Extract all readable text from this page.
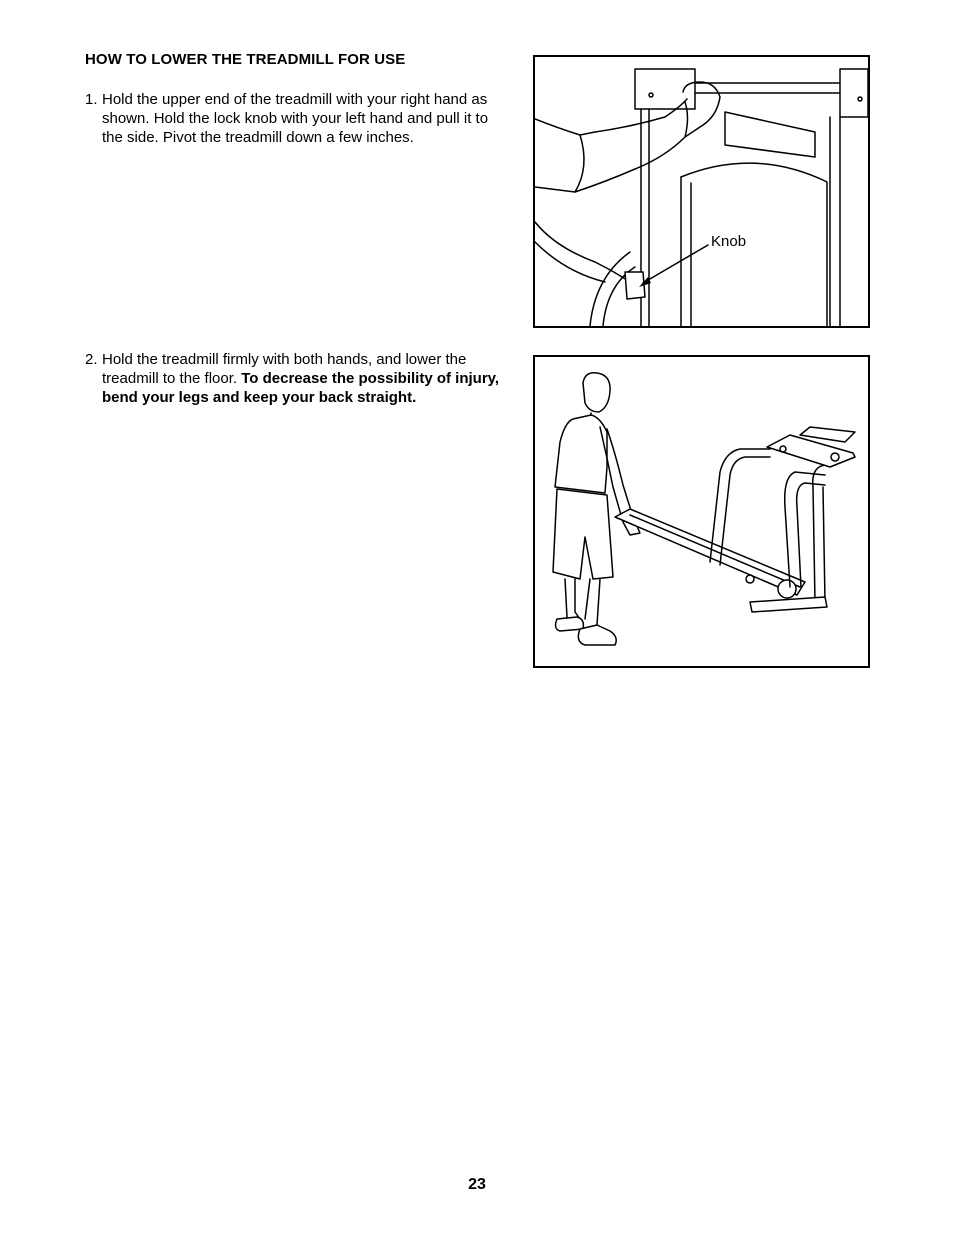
HOW TO LOWER THE TREADMILL FOR USE
1. Hold the upper end of the treadmill with your right hand as shown. Hold the lock knob with your left hand and pull it to the side. Pivot the treadmill down a few inches.
Knob
2. Hold the treadmill firmly with both hands, and lower the treadmill to the floor. To decrease the possibility of injury, bend your legs and keep your back straight.
23
